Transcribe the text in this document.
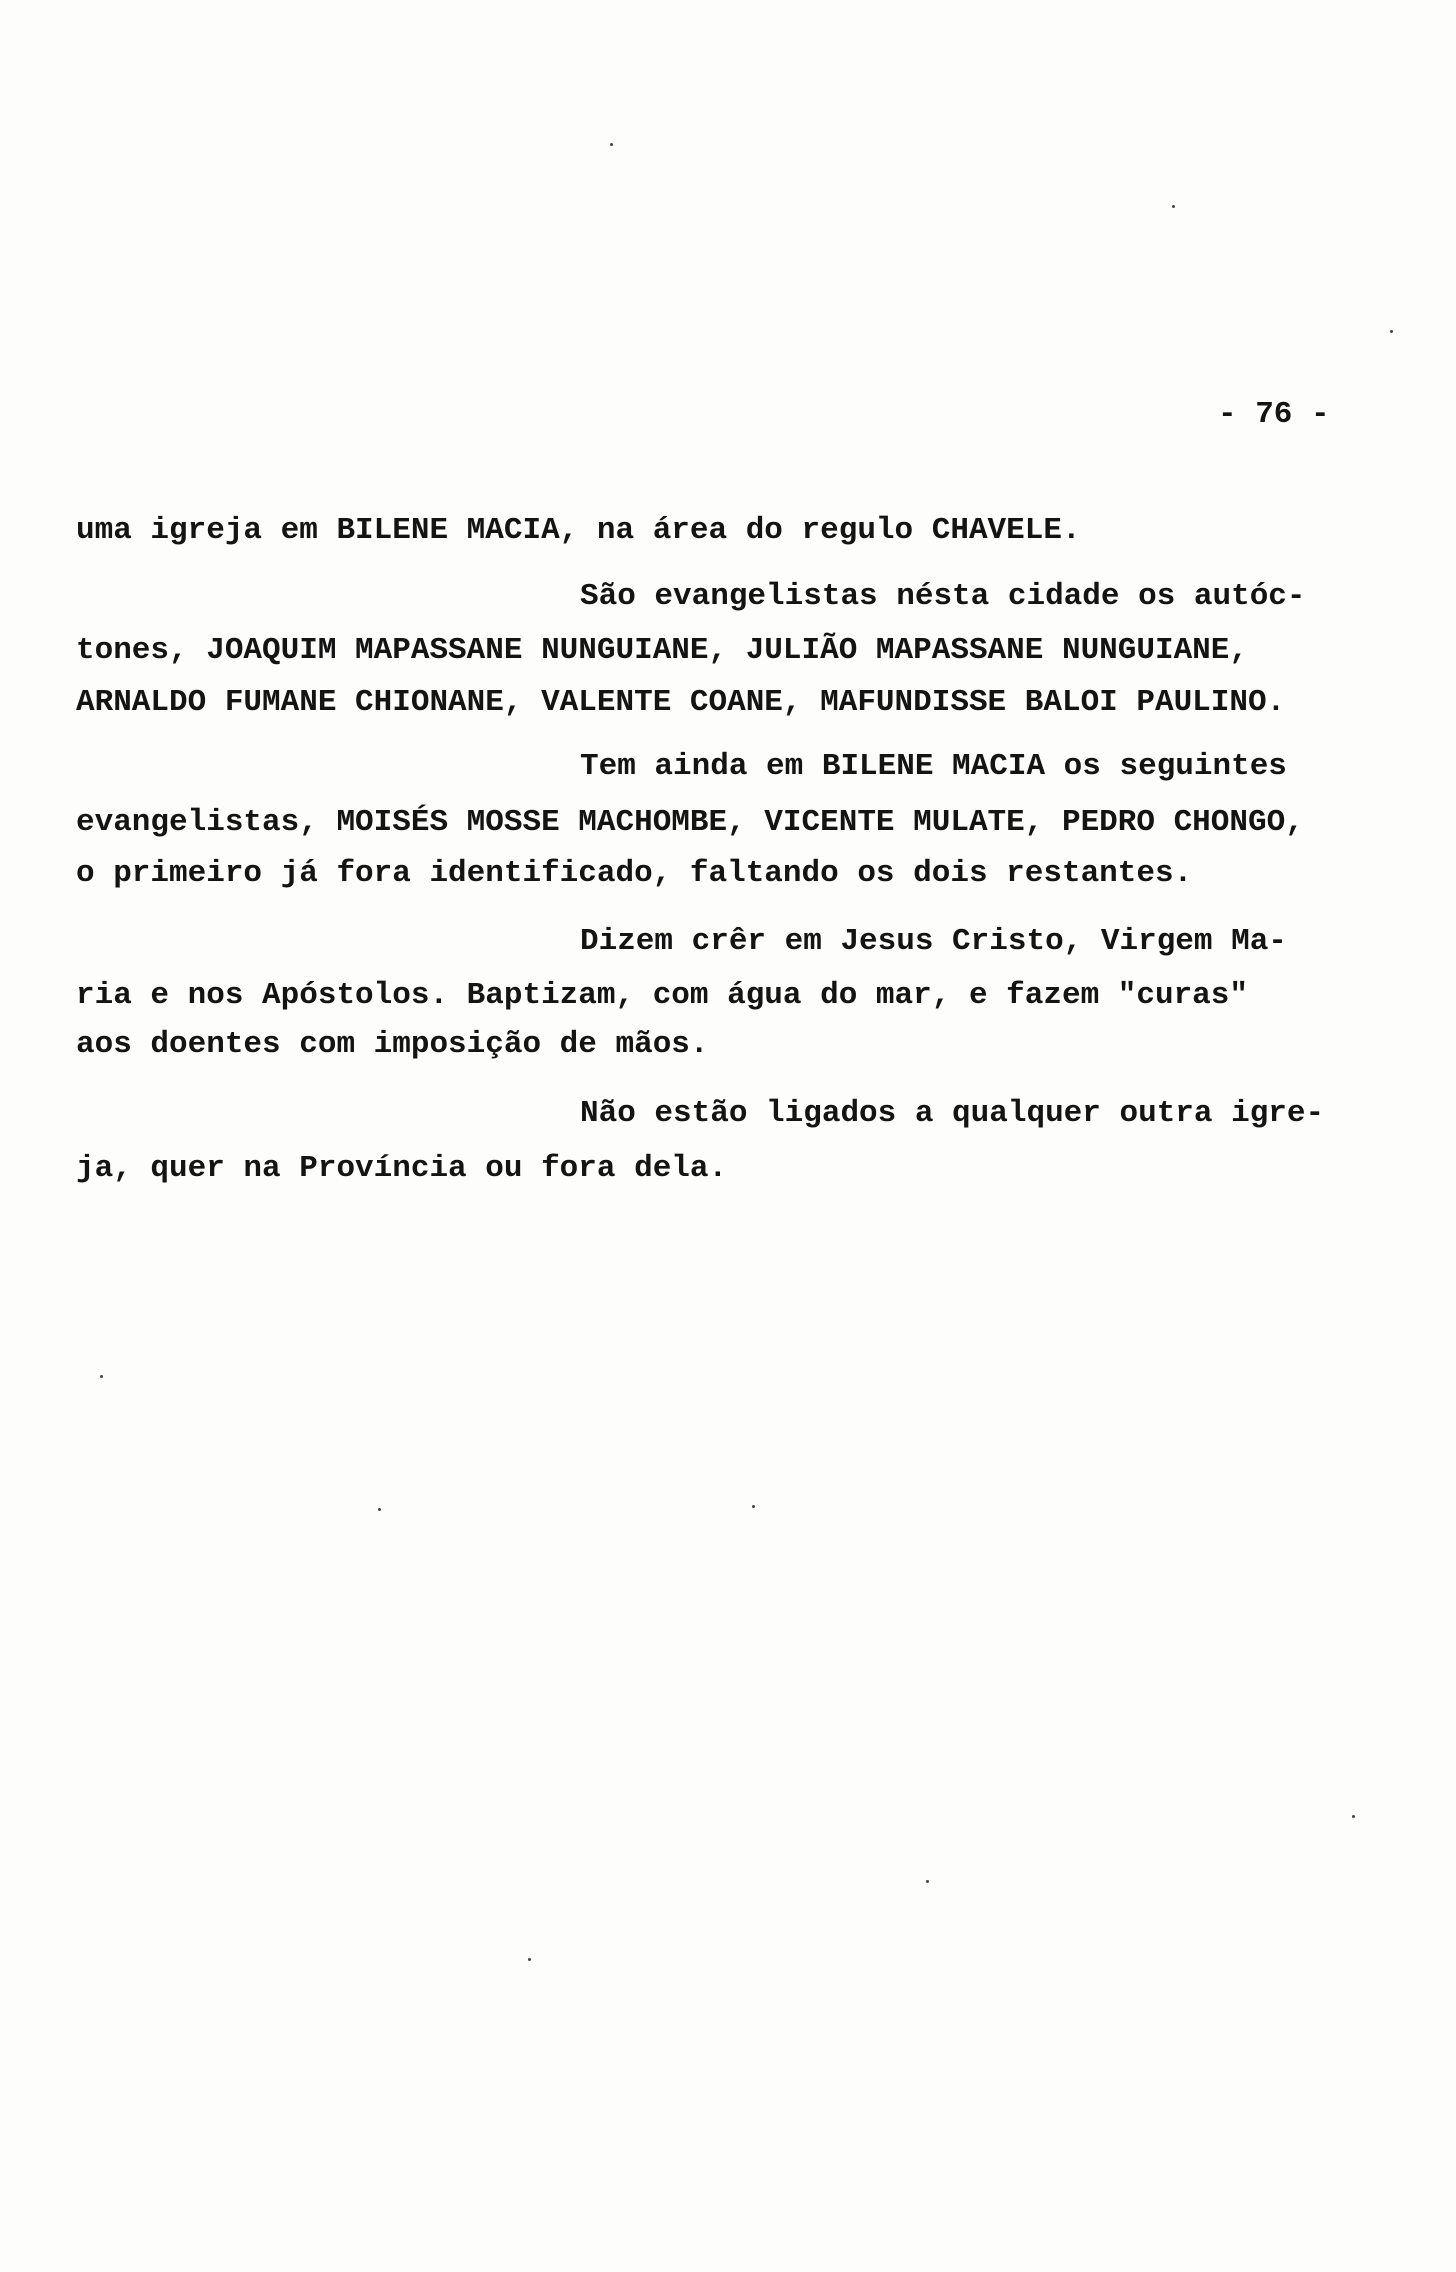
- 76 -
uma igreja em BILENE MACIA, na área do regulo CHAVELE.
São evangelistas nésta cidade os autóc-
tones, JOAQUIM MAPASSANE NUNGUIANE, JULIÃO MAPASSANE NUNGUIANE,
ARNALDO FUMANE CHIONANE, VALENTE COANE, MAFUNDISSE BALOI PAULINO.
Tem ainda em BILENE MACIA os seguintes
evangelistas, MOISÉS MOSSE MACHOMBE, VICENTE MULATE, PEDRO CHONGO,
o primeiro já fora identificado, faltando os dois restantes.
Dizem crêr em Jesus Cristo, Virgem Ma-
ria e nos Apóstolos. Baptizam, com água do mar, e fazem "curas"
aos doentes com imposição de mãos.
Não estão ligados a qualquer outra igre-
ja, quer na Província ou fora dela.
